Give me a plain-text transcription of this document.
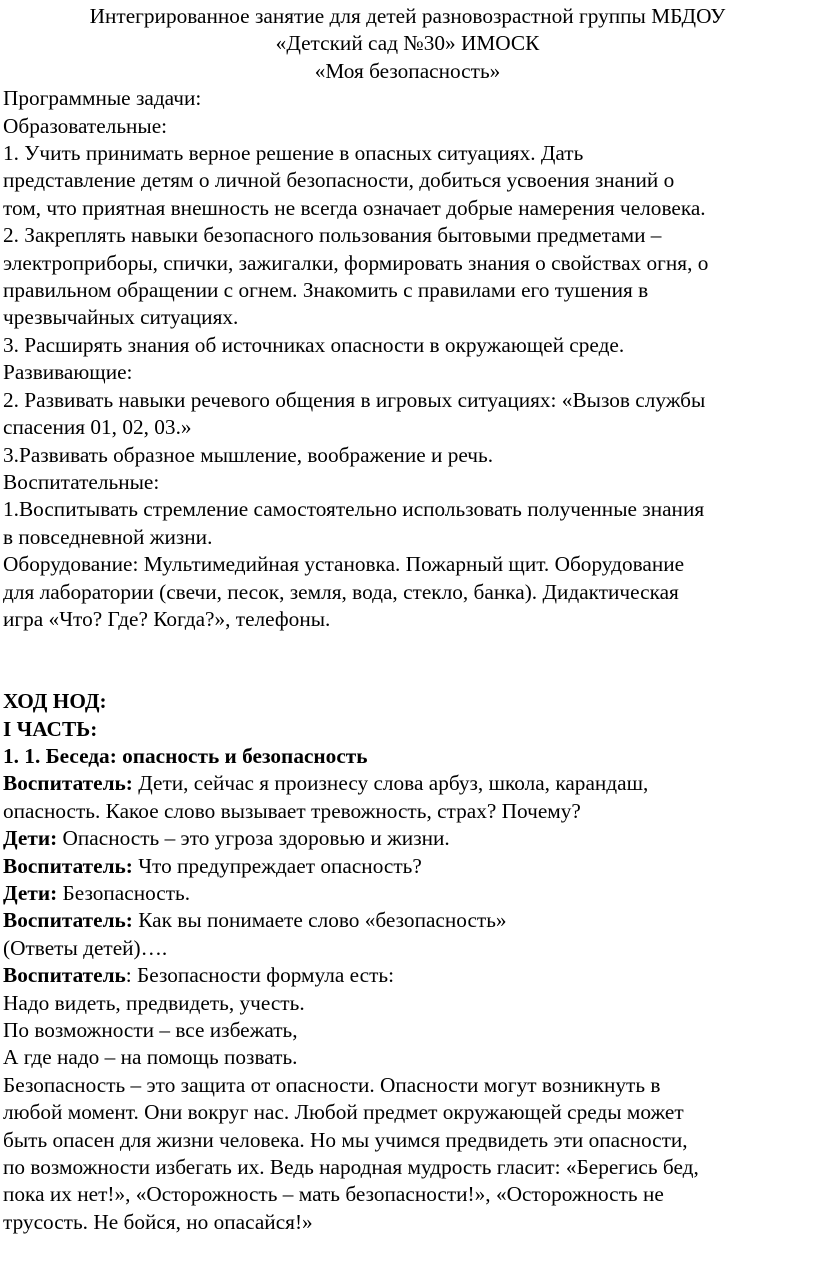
Интегрированное занятие для детей разновозрастной группы МБДОУ
«Детский сад №30» ИМОСК
«Моя безопасность»
Программные задачи:
Образовательные:
1. Учить принимать верное решение в опасных ситуациях. Дать
представление детям о личной безопасности, добиться усвоения знаний о
том, что приятная внешность не всегда означает добрые намерения человека.
2. Закреплять навыки безопасного пользования бытовыми предметами –
электроприборы, спички, зажигалки, формировать знания о свойствах огня, о
правильном обращении с огнем. Знакомить с правилами его тушения в
чрезвычайных ситуациях.
3. Расширять знания об источниках опасности в окружающей среде.
Развивающие:
2. Развивать навыки речевого общения в игровых ситуациях: «Вызов службы
спасения 01, 02, 03.»
3.Развивать образное мышление, воображение и речь.
Воспитательные:
1.Воспитывать стремление самостоятельно использовать полученные знания
в повседневной жизни.
Оборудование: Мультимедийная установка. Пожарный щит. Оборудование
для лаборатории (свечи, песок, земля, вода, стекло, банка). Дидактическая
игра «Что? Где? Когда?», телефоны.
ХОД НОД:
I ЧАСТЬ:
1. 1. Беседа: опасность и безопасность
Воспитатель: Дети, сейчас я произнесу слова арбуз, школа, карандаш,
опасность. Какое слово вызывает тревожность, страх? Почему?
Дети: Опасность – это угроза здоровью и жизни.
Воспитатель: Что предупреждает опасность?
Дети: Безопасность.
Воспитатель: Как вы понимаете слово «безопасность»
(Ответы детей)….
Воспитатель: Безопасности формула есть:
Надо видеть, предвидеть, учесть.
По возможности – все избежать,
А где надо – на помощь позвать.
Безопасность – это защита от опасности. Опасности могут возникнуть в
любой момент. Они вокруг нас. Любой предмет окружающей среды может
быть опасен для жизни человека. Но мы учимся предвидеть эти опасности,
по возможности избегать их. Ведь народная мудрость гласит: «Берегись бед,
пока их нет!», «Осторожность – мать безопасности!», «Осторожность не
трусость. Не бойся, но опасайся!»
